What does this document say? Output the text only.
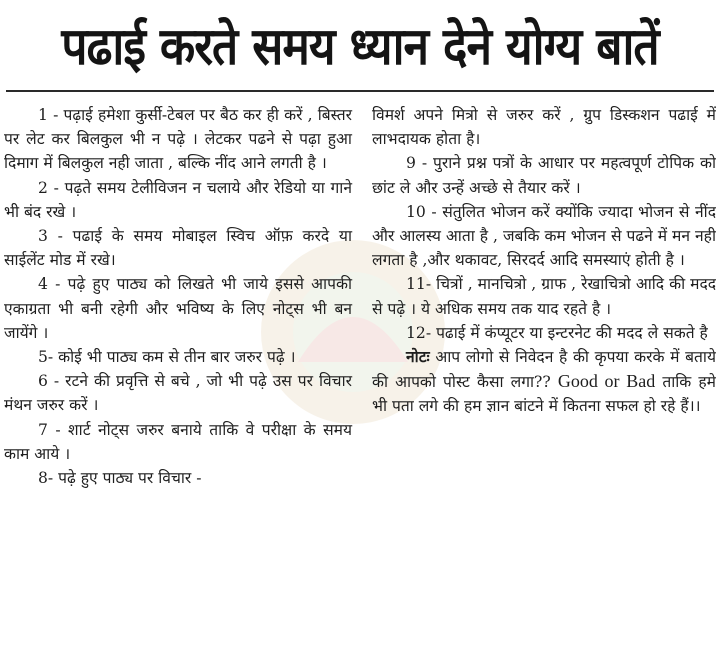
पढाई करते समय ध्यान देने योग्य बातें

1 - पढ़ाई हमेशा कुर्सी-टेबल पर बैठ कर ही करें , बिस्तर पर लेट कर बिलकुल भी न पढ़े । लेटकर पढने से पढ़ा हुआ दिमाग में बिलकुल नही जाता , बल्कि नींद आने लगती है ।

2 - पढ़ते समय टेलीविजन न चलाये और रेडियो या गाने भी बंद रखे ।

3 - पढाई के समय मोबाइल स्विच ऑफ़ करदे या साईलेंट मोड में रखे।

4 - पढ़े हुए पाठ्य को लिखते भी जाये इससे आपकी एकाग्रता भी बनी रहेगी और भविष्य के लिए नोट्स भी बन जायेंगे ।

5- कोई भी पाठ्य कम से तीन बार जरुर पढ़े ।

6 - रटने की प्रवृत्ति से बचे , जो भी पढ़े उस पर विचार मंथन जरुर करें ।

7 - शार्ट नोट्स जरुर बनाये ताकि वे परीक्षा के समय काम आये ।

8- पढ़े हुए पाठ्य पर विचार -

विमर्श अपने मित्रो से जरुर करें , ग्रुप डिस्कशन पढाई में लाभदायक होता है।

9 - पुराने प्रश्न पत्रों के आधार पर महत्वपूर्ण टोपिक को छांट ले और उन्हें अच्छे से तैयार करें ।

10 - संतुलित भोजन करें क्योंकि ज्यादा भोजन से नींद और आलस्य आता है , जबकि कम भोजन से पढने में मन नही लगता है ,और थकावट, सिरदर्द आदि समस्याएं होती है ।

11- चित्रों , मानचित्रो , ग्राफ , रेखाचित्रो आदि की मदद से पढ़े । ये अधिक समय तक याद रहते है ।

12- पढाई में कंप्यूटर या इन्टरनेट की मदद ले सकते है

नोटः आप लोगो से निवेदन है की कृपया करके में बताये की आपको पोस्ट कैसा लगा?? Good or Bad ताकि हमे भी पता लगे की हम ज्ञान बांटने में कितना सफल हो रहे हैं।।
